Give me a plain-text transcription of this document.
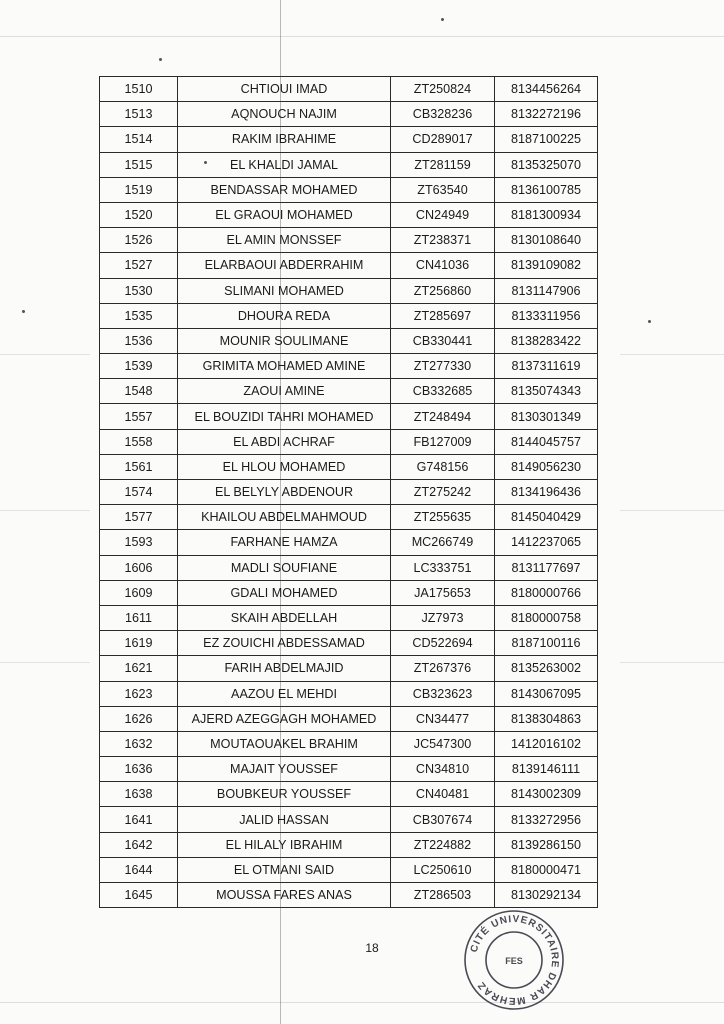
1510	CHTIOUI IMAD	ZT250824	8134456264
1513	AQNOUCH NAJIM	CB328236	8132272196
1514	RAKIM IBRAHIME	CD289017	8187100225
1515	EL KHALDI JAMAL	ZT281159	8135325070
1519	BENDASSAR MOHAMED	ZT63540	8136100785
1520	EL GRAOUI MOHAMED	CN24949	8181300934
1526	EL AMIN MONSSEF	ZT238371	8130108640
1527	ELARBAOUI ABDERRAHIM	CN41036	8139109082
1530	SLIMANI MOHAMED	ZT256860	8131147906
1535	DHOURA REDA	ZT285697	8133311956
1536	MOUNIR SOULIMANE	CB330441	8138283422
1539	GRIMITA MOHAMED AMINE	ZT277330	8137311619
1548	ZAOUI AMINE	CB332685	8135074343
1557	EL BOUZIDI TAHRI MOHAMED	ZT248494	8130301349
1558	EL ABDI ACHRAF	FB127009	8144045757
1561	EL HLOU MOHAMED	G748156	8149056230
1574	EL BELYLY ABDENOUR	ZT275242	8134196436
1577	KHAILOU ABDELMAHMOUD	ZT255635	8145040429
1593	FARHANE HAMZA	MC266749	1412237065
1606	MADLI SOUFIANE	LC333751	8131177697
1609	GDALI MOHAMED	JA175653	8180000766
1611	SKAIH ABDELLAH	JZ7973	8180000758
1619	EZ ZOUICHI ABDESSAMAD	CD522694	8187100116
1621	FARIH ABDELMAJID	ZT267376	8135263002
1623	AAZOU EL MEHDI	CB323623	8143067095
1626	AJERD AZEGGAGH MOHAMED	CN34477	8138304863
1632	MOUTAOUAKEL BRAHIM	JC547300	1412016102
1636	MAJAIT YOUSSEF	CN34810	8139146111
1638	BOUBKEUR YOUSSEF	CN40481	8143002309
1641	JALID HASSAN	CB307674	8133272956
1642	EL HILALY IBRAHIM	ZT224882	8139286150
1644	EL OTMANI SAID	LC250610	8180000471
1645	MOUSSA FARES ANAS	ZT286503	8130292134
18	CITÉ UNIVERSITAIRE DHAR MEHRAZ
FES
